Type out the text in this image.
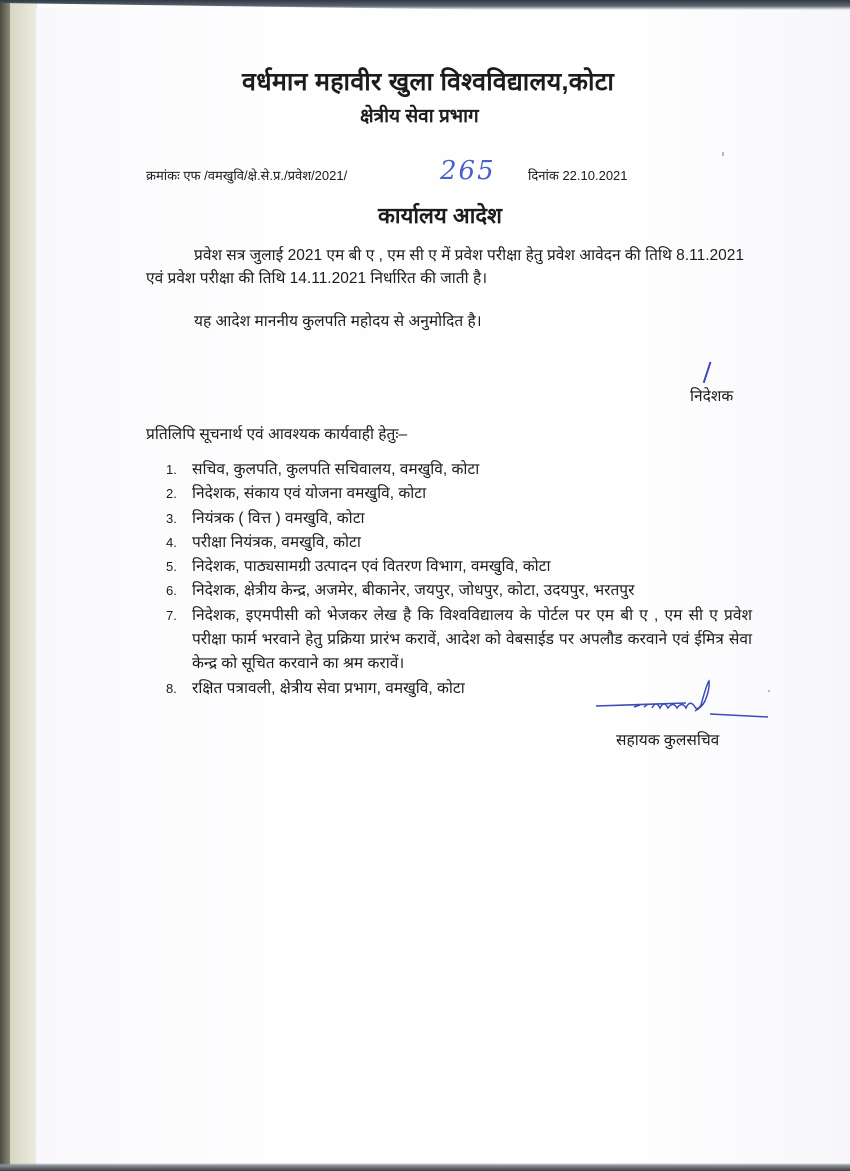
वर्धमान महावीर खुला विश्वविद्यालय,कोटा
क्षेत्रीय सेवा प्रभाग
क्रमांकः एफ /वमखुवि/क्षे.से.प्र./प्रवेश/2021/	265 दिनांक 22.10.2021
कार्यालय आदेश
प्रवेश सत्र जुलाई 2021 एम बी ए , एम सी ए में प्रवेश परीक्षा हेतु प्रवेश आवेदन की तिथि 8.11.2021 एवं प्रवेश परीक्षा की तिथि 14.11.2021 निर्धारित की जाती है।
यह आदेश माननीय कुलपति महोदय से अनुमोदित है।
निदेशक
प्रतिलिपि सूचनार्थ एवं आवश्यक कार्यवाही हेतुः–
1. सचिव, कुलपति, कुलपति सचिवालय, वमखुवि, कोटा
2. निदेशक, संकाय एवं योजना वमखुवि, कोटा
3. नियंत्रक ( वित्त ) वमखुवि, कोटा
4. परीक्षा नियंत्रक, वमखुवि, कोटा
5. निदेशक, पाठ्यसामग्री उत्पादन एवं वितरण विभाग, वमखुवि, कोटा
6. निदेशक, क्षेत्रीय केन्द्र, अजमेर, बीकानेर, जयपुर, जोधपुर, कोटा, उदयपुर, भरतपुर
7. निदेशक, इएमपीसी को भेजकर लेख है कि विश्वविद्यालय के पोर्टल पर एम बी ए , एम सी ए प्रवेश परीक्षा फार्म भरवाने हेतु प्रक्रिया प्रारंभ करावें, आदेश को वेबसाईड पर अपलौड करवाने एवं ईमित्र सेवा केन्द्र को सूचित करवाने का श्रम करावें।
8. रक्षित पत्रावली, क्षेत्रीय सेवा प्रभाग, वमखुवि, कोटा
सहायक कुलसचिव
